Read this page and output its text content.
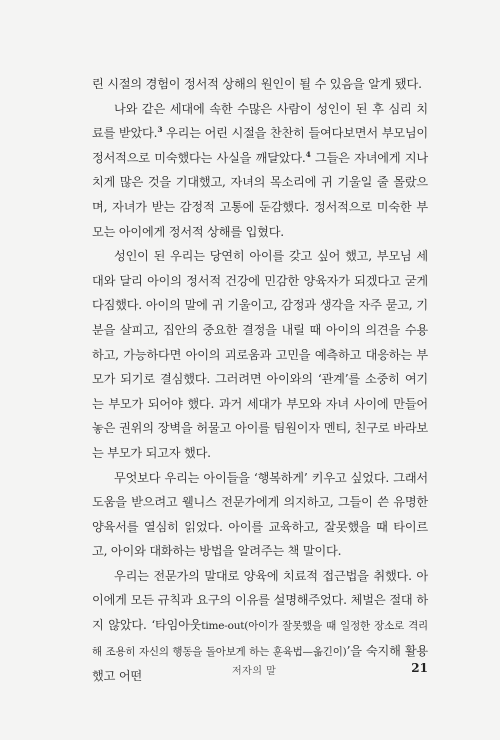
린 시절의 경험이 정서적 상해의 원인이 될 수 있음을 알게 됐다.

나와 같은 세대에 속한 수많은 사람이 성인이 된 후 심리 치료를 받았다.$^3$ 우리는 어린 시절을 찬찬히 들여다보면서 부모님이 정서적으로 미숙했다는 사실을 깨달았다.$^4$ 그들은 자녀에게 지나치게 많은 것을 기대했고, 자녀의 목소리에 귀 기울일 줄 몰랐으며, 자녀가 받는 감정적 고통에 둔감했다. 정서적으로 미숙한 부모는 아이에게 정서적 상해를 입혔다.

성인이 된 우리는 당연히 아이를 갖고 싶어 했고, 부모님 세대와 달리 아이의 정서적 건강에 민감한 양육자가 되겠다고 굳게 다짐했다. 아이의 말에 귀 기울이고, 감정과 생각을 자주 묻고, 기분을 살피고, 집안의 중요한 결정을 내릴 때 아이의 의견을 수용하고, 가능하다면 아이의 괴로움과 고민을 예측하고 대응하는 부모가 되기로 결심했다. 그러려면 아이와의 ‘관계’를 소중히 여기는 부모가 되어야 했다. 과거 세대가 부모와 자녀 사이에 만들어놓은 권위의 장벽을 허물고 아이를 팀원이자 멘티, 친구로 바라보는 부모가 되고자 했다.

무엇보다 우리는 아이들을 ‘행복하게’ 키우고 싶었다. 그래서 도움을 받으려고 웰니스 전문가에게 의지하고, 그들이 쓴 유명한 양육서를 열심히 읽었다. 아이를 교육하고, 잘못했을 때 타이르고, 아이와 대화하는 방법을 알려주는 책 말이다.

우리는 전문가의 말대로 양육에 치료적 접근법을 취했다. 아이에게 모든 규칙과 요구의 이유를 설명해주었다. 체벌은 절대 하지 않았다. ‘타임아웃time-out(아이가 잘못했을 때 일정한 장소로 격리해 조용히 자신의 행동을 돌아보게 하는 훈육법—옮긴이)’을 숙지해 활용했고 어떤	저자의 말	21
